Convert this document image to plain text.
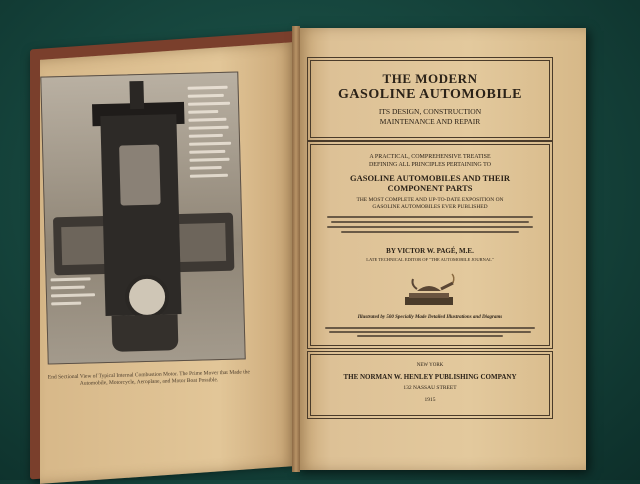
End Sectional View of Typical Internal Combustion Motor. The Prime Mover that Made the Automobile, Motorcycle, Aeroplane, and Motor Boat Possible.
THE MODERN
GASOLINE AUTOMOBILE
ITS DESIGN, CONSTRUCTION
MAINTENANCE AND REPAIR
A PRACTICAL, COMPREHENSIVE TREATISE
DEFINING ALL PRINCIPLES PERTAINING TO
GASOLINE AUTOMOBILES AND THEIR
COMPONENT PARTS
THE MOST COMPLETE AND UP-TO-DATE EXPOSITION ON
GASOLINE AUTOMOBILES EVER PUBLISHED
BY VICTOR W. PAGÉ, M.E.
LATE TECHNICAL EDITOR OF "THE AUTOMOBILE JOURNAL"
Illustrated by 500 Specially Made Detailed Illustrations and Diagrams
NEW YORK
THE NORMAN W. HENLEY PUBLISHING COMPANY
132 NASSAU STREET
1915
